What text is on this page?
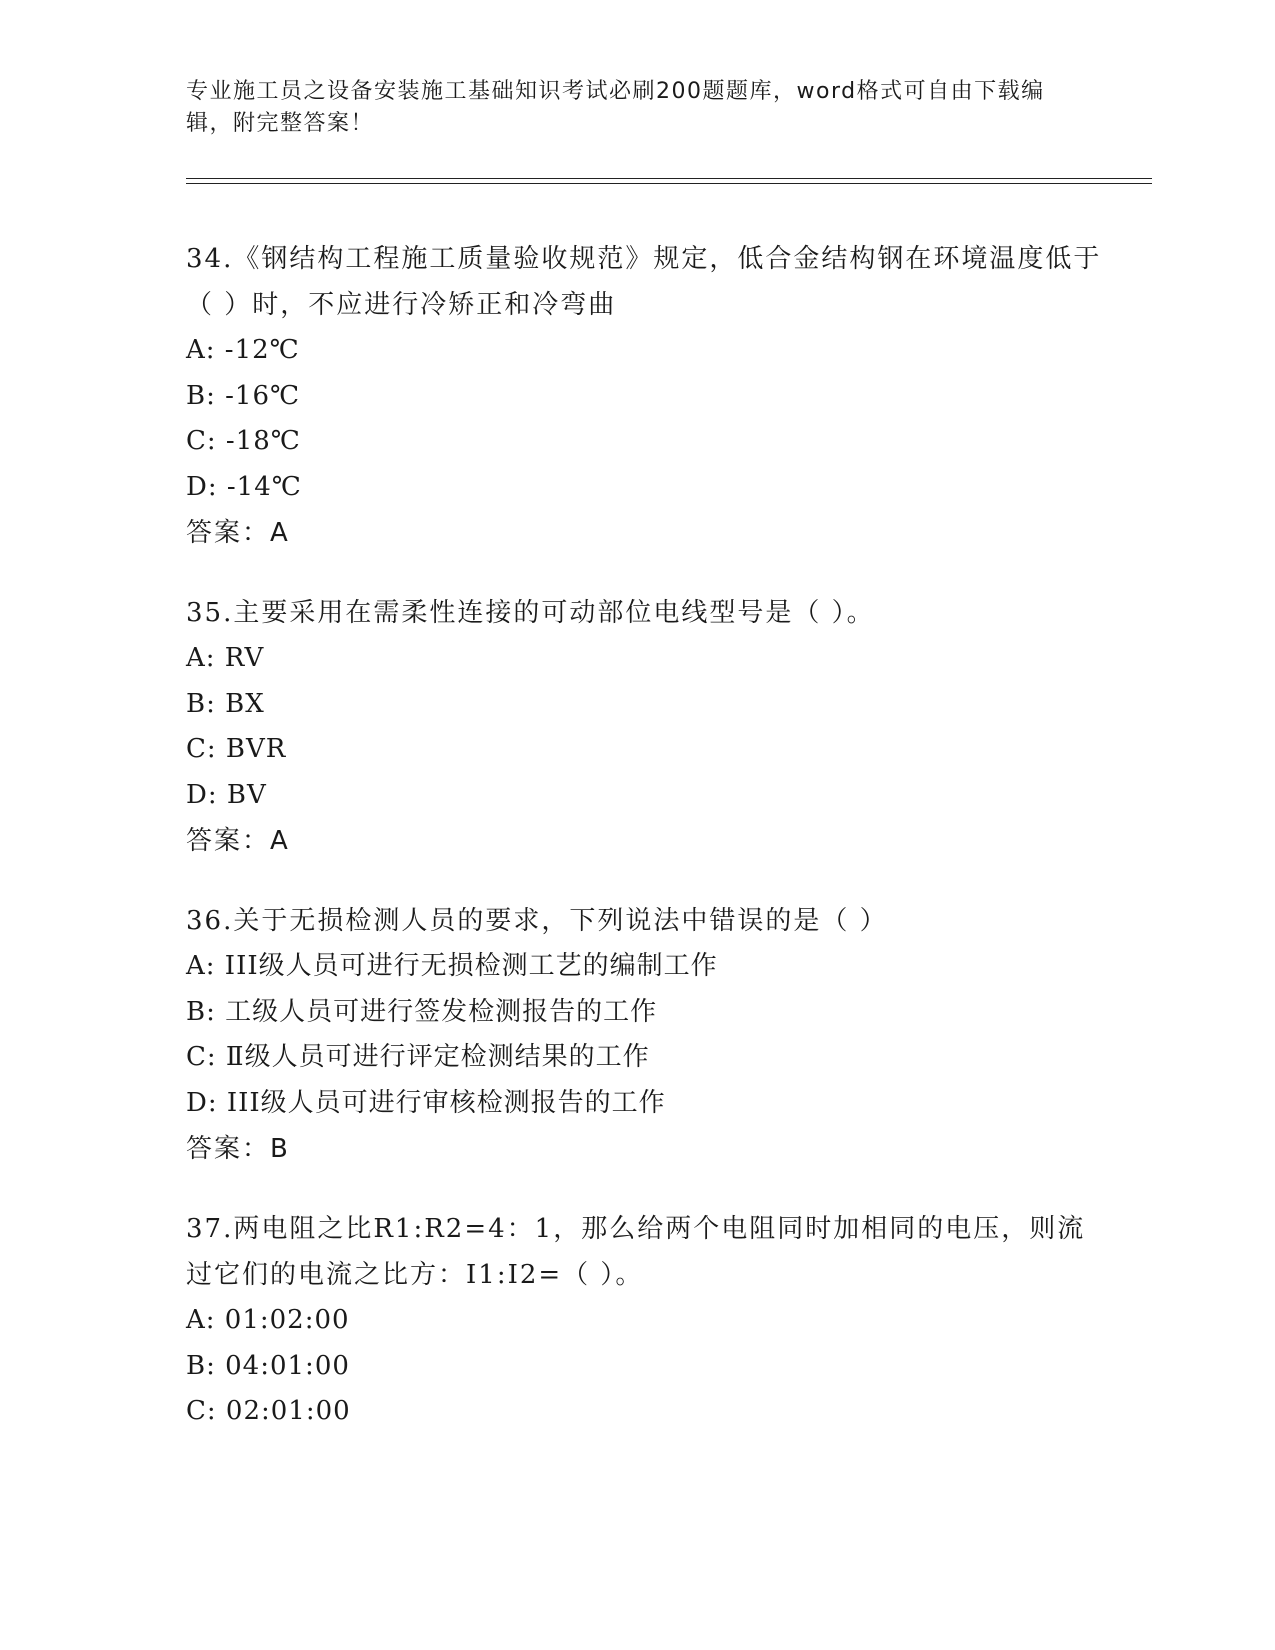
专业施工员之设备安装施工基础知识考试必刷200题题库，word格式可自由下载编辑，附完整答案！

34.《钢结构工程施工质量验收规范》规定，低合金结构钢在环境温度低于（ ）时，不应进行冷矫正和冷弯曲

A: -12℃

B: -16℃

C: -18℃

D: -14℃

答案：A

35.主要采用在需柔性连接的可动部位电线型号是（ ）。

A: RV

B: BX

C: BVR

D: BV

答案：A

36.关于无损检测人员的要求，下列说法中错误的是（ ）

A: III级人员可进行无损检测工艺的编制工作

B: 工级人员可进行签发检测报告的工作

C: Ⅱ级人员可进行评定检测结果的工作

D: III级人员可进行审核检测报告的工作

答案：B

37.两电阻之比R1:R2=4：1，那么给两个电阻同时加相同的电压，则流过它们的电流之比方：I1:I2=（ ）。

A: 01:02:00

B: 04:01:00

C: 02:01:00
